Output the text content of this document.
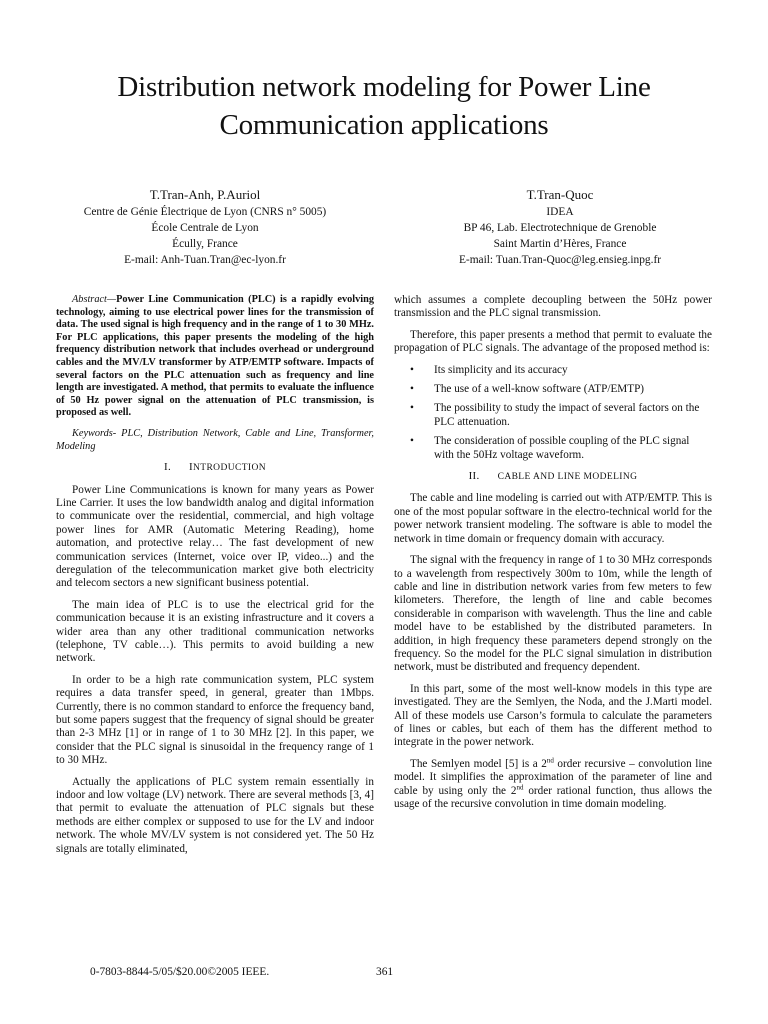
Distribution network modeling for Power Line
Communication applications
T.Tran-Anh, P.Auriol
Centre de Génie Électrique de Lyon (CNRS n° 5005)
École Centrale de Lyon
Écully, France
E-mail: Anh-Tuan.Tran@ec-lyon.fr
T.Tran-Quoc
IDEA
BP 46, Lab. Electrotechnique de Grenoble
Saint Martin d’Hères, France
E-mail: Tuan.Tran-Quoc@leg.ensieg.inpg.fr

Abstract—Power Line Communication (PLC) is a rapidly evolving technology, aiming to use electrical power lines for the transmission of data. The used signal is high frequency and in the range of 1 to 30 MHz. For PLC applications, this paper presents the modeling of the high frequency distribution network that includes overhead or underground cables and the MV/LV transformer by ATP/EMTP software. Impacts of several factors on the PLC attenuation such as frequency and line length are investigated. A method, that permits to evaluate the influence of 50 Hz power signal on the attenuation of PLC transmission, is proposed as well.

Keywords- PLC, Distribution Network, Cable and Line, Transformer, Modeling

I. INTRODUCTION

Power Line Communications is known for many years as Power Line Carrier. It uses the low bandwidth analog and digital information to communicate over the residential, commercial, and high voltage power lines for AMR (Automatic Metering Reading), home automation, and protective relay… The fast development of new communication services (Internet, voice over IP, video...) and the deregulation of the telecommunication market give both electricity and telecom sectors a new significant business potential.

The main idea of PLC is to use the electrical grid for the communication because it is an existing infrastructure and it covers a wider area than any other traditional communication networks (telephone, TV cable…). This permits to avoid building a new network.

In order to be a high rate communication system, PLC system requires a data transfer speed, in general, greater than 1Mbps. Currently, there is no common standard to enforce the frequency band, but some papers suggest that the frequency of signal should be greater than 2-3 MHz [1] or in range of 1 to 30 MHz [2]. In this paper, we consider that the PLC signal is sinusoidal in the frequency range of 1 to 30 MHz.

Actually the applications of PLC system remain essentially in indoor and low voltage (LV) network. There are several methods [3, 4] that permit to evaluate the attenuation of PLC signals but these methods are either complex or supposed to use for the LV and indoor network. The whole MV/LV system is not considered yet. The 50 Hz signals are totally eliminated,

which assumes a complete decoupling between the 50Hz power transmission and the PLC signal transmission.

Therefore, this paper presents a method that permit to evaluate the propagation of PLC signals. The advantage of the proposed method is:

• Its simplicity and its accuracy
• The use of a well-know software (ATP/EMTP)
• The possibility to study the impact of several factors on the PLC attenuation.
• The consideration of possible coupling of the PLC signal with the 50Hz voltage waveform.
II. CABLE AND LINE MODELING

The cable and line modeling is carried out with ATP/EMTP. This is one of the most popular software in the electro-technical world for the power network transient modeling. The software is able to model the network in time domain or frequency domain with accuracy.

The signal with the frequency in range of 1 to 30 MHz corresponds to a wavelength from respectively 300m to 10m, while the length of cable and line in distribution network varies from few meters to few kilometers. Therefore, the length of line and cable becomes considerable in comparison with wavelength. Thus the line and cable model have to be established by the distributed parameters. In addition, in high frequency these parameters depend strongly on the frequency. So the model for the PLC signal simulation in distribution network, must be distributed and frequency dependent.

In this part, some of the most well-know models in this type are investigated. They are the Semlyen, the Noda, and the J.Marti model. All of these models use Carson’s formula to calculate the parameters of lines or cables, but each of them has the different method to integrate in the power network.

The Semlyen model [5] is a 2nd order recursive – convolution line model. It simplifies the approximation of the parameter of line and cable by using only the 2nd order rational function, thus allows the usage of the recursive convolution in time domain modeling.

0-7803-8844-5/05/$20.00©2005 IEEE.	361
